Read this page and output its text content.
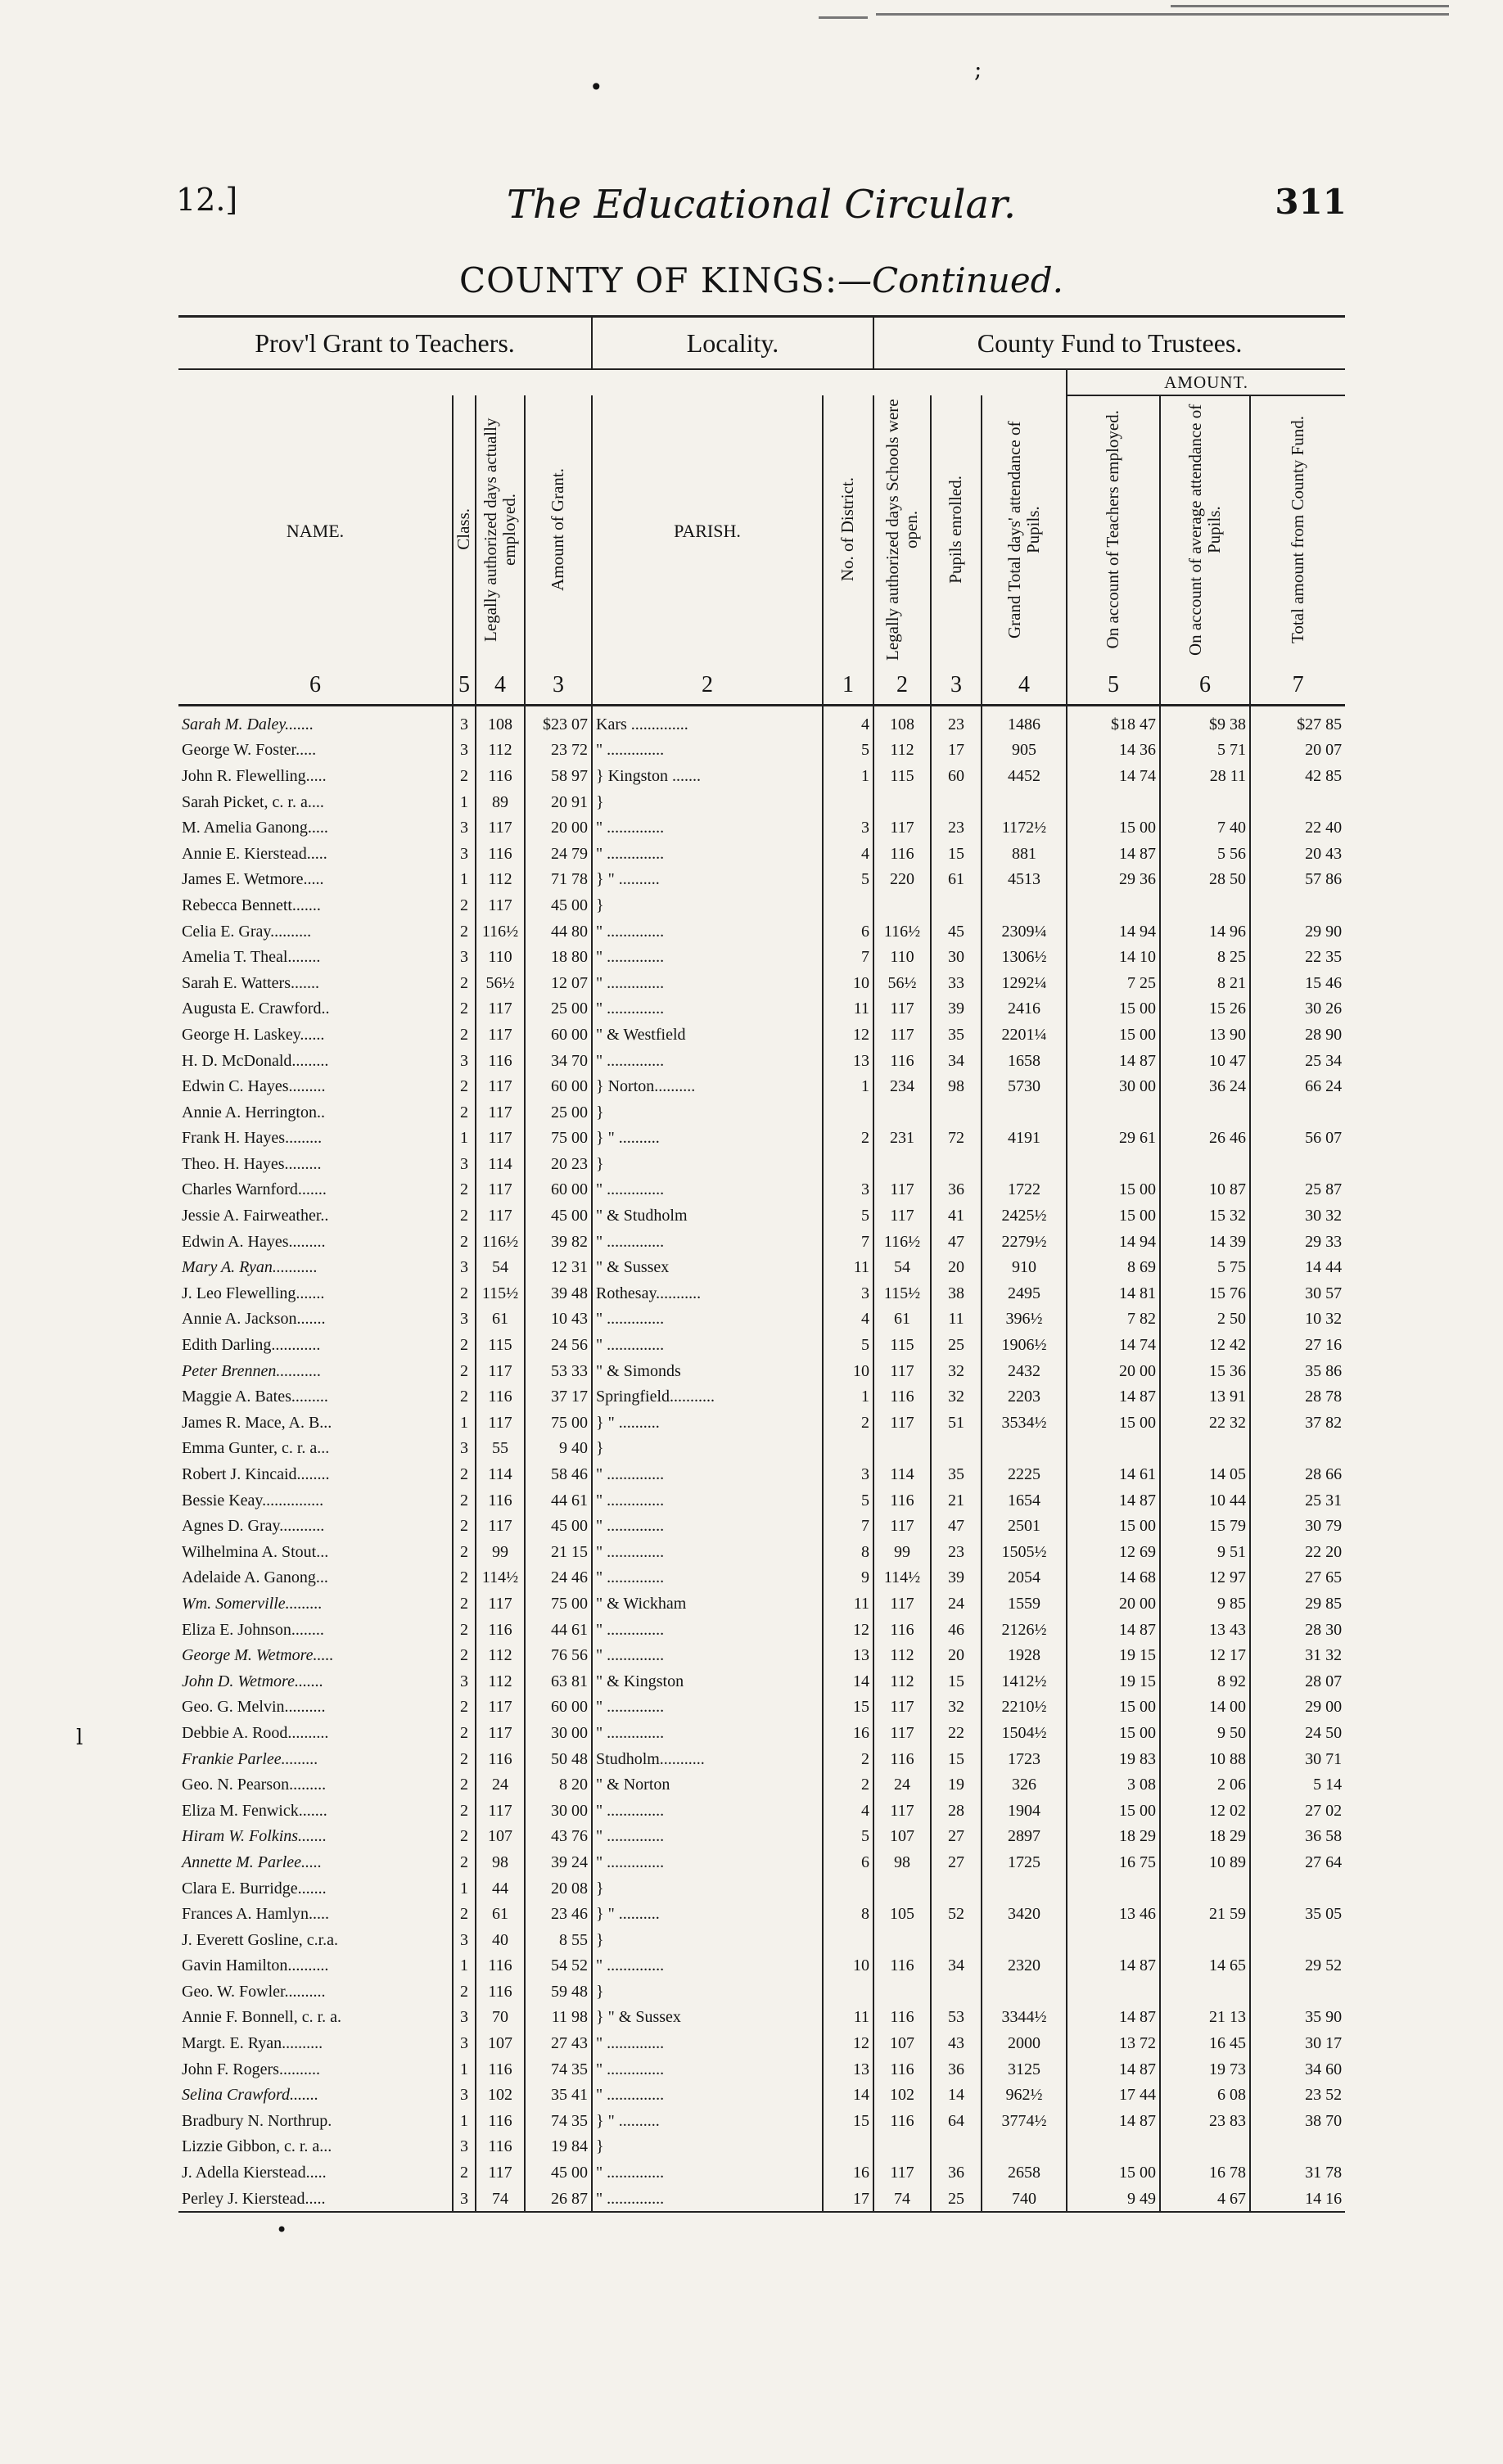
•
;
12.]	The Educational Circular.	311
COUNTY OF KINGS:—Continued.
Prov'l Grant to Teachers.				Locality.		County Fund to Trustees.					
									AMOUNT.		
NAME.	Class.	Legally authorized days actually employed.	Amount of Grant.	PARISH.	No. of District.	Legally authorized days Schools were open.	Pupils enrolled.	Grand Total days' attendance of Pupils.	On account of Teachers employed.	On account of average attendance of Pupils.	Total amount from County Fund.
6	5	4	3	2	1	2	3	4	5	6	7
Sarah M. Daley.......	3	108	$23 07	Kars ..............	4	108	23	1486	$18 47	$9 38	$27 85
George W. Foster.....	3	112	23 72	" ..............	5	112	17	905	14 36	5 71	20 07
John R. Flewelling.....	2	116	58 97	} Kingston .......	1	115	60	4452	14 74	28 11	42 85
Sarah Picket, c. r. a....	1	89	20 91	}							
M. Amelia Ganong.....	3	117	20 00	" ..............	3	117	23	1172½	15 00	7 40	22 40
Annie E. Kierstead.....	3	116	24 79	" ..............	4	116	15	881	14 87	5 56	20 43
James E. Wetmore.....	1	112	71 78	} " ..........	5	220	61	4513	29 36	28 50	57 86
Rebecca Bennett.......	2	117	45 00	}							
Celia E. Gray..........	2	116½	44 80	" ..............	6	116½	45	2309¼	14 94	14 96	29 90
Amelia T. Theal........	3	110	18 80	" ..............	7	110	30	1306½	14 10	8 25	22 35
Sarah E. Watters.......	2	56½	12 07	" ..............	10	56½	33	1292¼	7 25	8 21	15 46
Augusta E. Crawford..	2	117	25 00	" ..............	11	117	39	2416	15 00	15 26	30 26
George H. Laskey......	2	117	60 00	" & Westfield	12	117	35	2201¼	15 00	13 90	28 90
H. D. McDonald.........	3	116	34 70	" ..............	13	116	34	1658	14 87	10 47	25 34
Edwin C. Hayes.........	2	117	60 00	} Norton..........	1	234	98	5730	30 00	36 24	66 24
Annie A. Herrington..	2	117	25 00	}							
Frank H. Hayes.........	1	117	75 00	} " ..........	2	231	72	4191	29 61	26 46	56 07
Theo. H. Hayes.........	3	114	20 23	}							
Charles Warnford.......	2	117	60 00	" ..............	3	117	36	1722	15 00	10 87	25 87
Jessie A. Fairweather..	2	117	45 00	" & Studholm	5	117	41	2425½	15 00	15 32	30 32
Edwin A. Hayes.........	2	116½	39 82	" ..............	7	116½	47	2279½	14 94	14 39	29 33
Mary A. Ryan...........	3	54	12 31	" & Sussex	11	54	20	910	8 69	5 75	14 44
J. Leo Flewelling.......	2	115½	39 48	Rothesay...........	3	115½	38	2495	14 81	15 76	30 57
Annie A. Jackson.......	3	61	10 43	" ..............	4	61	11	396½	7 82	2 50	10 32
Edith Darling............	2	115	24 56	" ..............	5	115	25	1906½	14 74	12 42	27 16
Peter Brennen...........	2	117	53 33	" & Simonds	10	117	32	2432	20 00	15 36	35 86
Maggie A. Bates.........	2	116	37 17	Springfield...........	1	116	32	2203	14 87	13 91	28 78
James R. Mace, A. B...	1	117	75 00	} " ..........	2	117	51	3534½	15 00	22 32	37 82
Emma Gunter, c. r. a...	3	55	9 40	}							
Robert J. Kincaid........	2	114	58 46	" ..............	3	114	35	2225	14 61	14 05	28 66
Bessie Keay...............	2	116	44 61	" ..............	5	116	21	1654	14 87	10 44	25 31
Agnes D. Gray...........	2	117	45 00	" ..............	7	117	47	2501	15 00	15 79	30 79
Wilhelmina A. Stout...	2	99	21 15	" ..............	8	99	23	1505½	12 69	9 51	22 20
Adelaide A. Ganong...	2	114½	24 46	" ..............	9	114½	39	2054	14 68	12 97	27 65
Wm. Somerville.........	2	117	75 00	" & Wickham	11	117	24	1559	20 00	9 85	29 85
Eliza E. Johnson........	2	116	44 61	" ..............	12	116	46	2126½	14 87	13 43	28 30
George M. Wetmore.....	2	112	76 56	" ..............	13	112	20	1928	19 15	12 17	31 32
John D. Wetmore.......	3	112	63 81	" & Kingston	14	112	15	1412½	19 15	8 92	28 07
Geo. G. Melvin..........	2	117	60 00	" ..............	15	117	32	2210½	15 00	14 00	29 00
Debbie A. Rood..........	2	117	30 00	" ..............	16	117	22	1504½	15 00	9 50	24 50
Frankie Parlee.........	2	116	50 48	Studholm...........	2	116	15	1723	19 83	10 88	30 71
Geo. N. Pearson.........	2	24	8 20	" & Norton	2	24	19	326	3 08	2 06	5 14
Eliza M. Fenwick.......	2	117	30 00	" ..............	4	117	28	1904	15 00	12 02	27 02
Hiram W. Folkins.......	2	107	43 76	" ..............	5	107	27	2897	18 29	18 29	36 58
Annette M. Parlee.....	2	98	39 24	" ..............	6	98	27	1725	16 75	10 89	27 64
Clara E. Burridge.......	1	44	20 08	}							
Frances A. Hamlyn.....	2	61	23 46	} " ..........	8	105	52	3420	13 46	21 59	35 05
J. Everett Gosline, c.r.a.	3	40	8 55	}							
Gavin Hamilton..........	1	116	54 52	" ..............	10	116	34	2320	14 87	14 65	29 52
Geo. W. Fowler..........	2	116	59 48	}							
Annie F. Bonnell, c. r. a.	3	70	11 98	} " & Sussex	11	116	53	3344½	14 87	21 13	35 90
Margt. E. Ryan..........	3	107	27 43	" ..............	12	107	43	2000	13 72	16 45	30 17
John F. Rogers..........	1	116	74 35	" ..............	13	116	36	3125	14 87	19 73	34 60
Selina Crawford.......	3	102	35 41	" ..............	14	102	14	962½	17 44	6 08	23 52
Bradbury N. Northrup.	1	116	74 35	} " ..........	15	116	64	3774½	14 87	23 83	38 70
Lizzie Gibbon, c. r. a...	3	116	19 84	}							
J. Adella Kierstead.....	2	117	45 00	" ..............	16	117	36	2658	15 00	16 78	31 78
Perley J. Kierstead.....	3	74	26 87	" ..............	17	74	25	740	9 49	4 67	14 16
l
•
